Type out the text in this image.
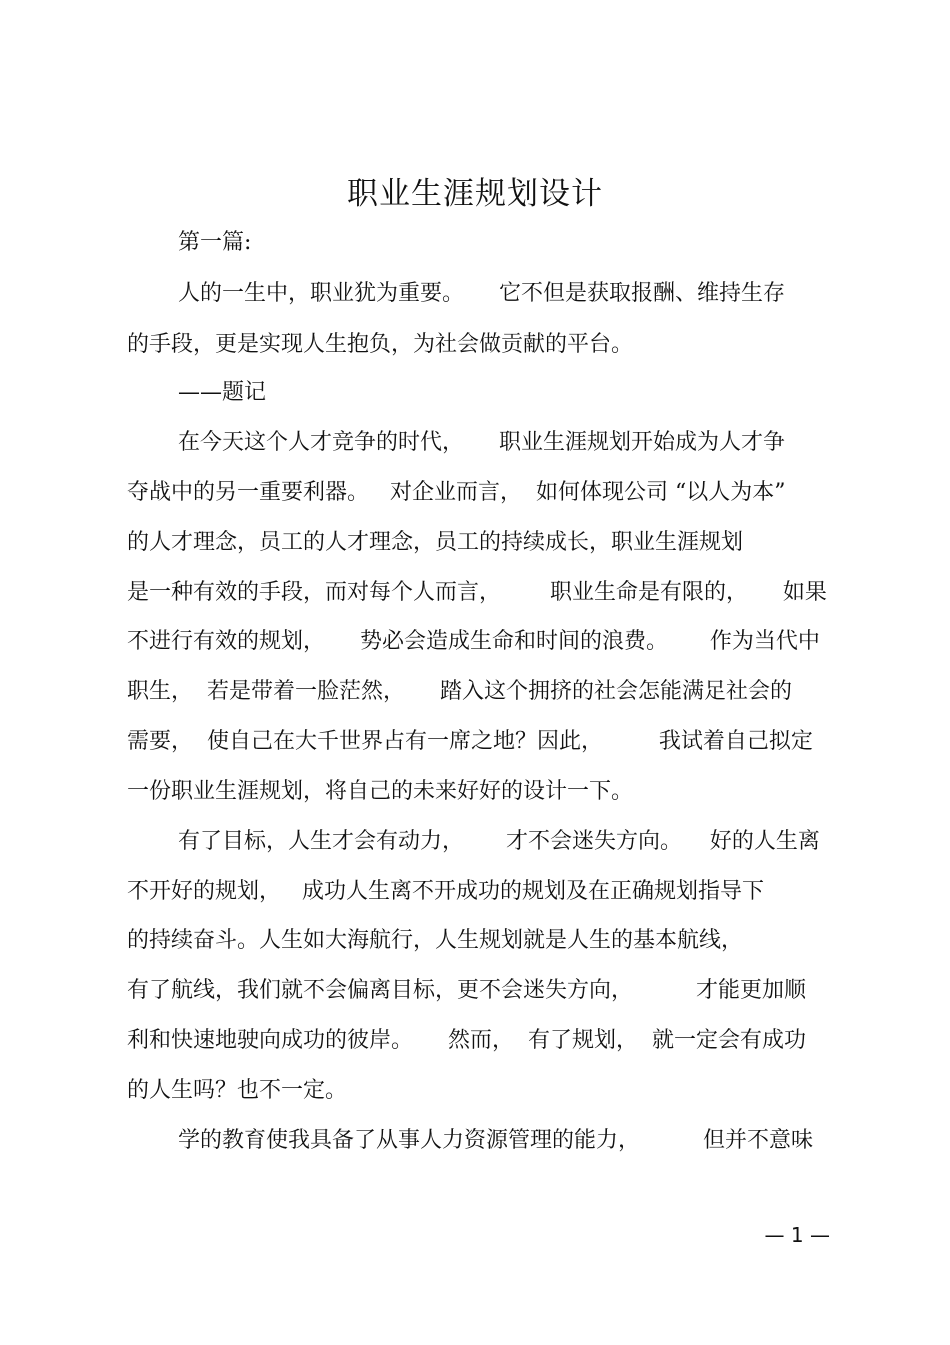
职业生涯规划设计
第一篇:
人的一生中，职业犹为重要。     它不但是获取报酬、维持生存
的手段，更是实现人生抱负，为社会做贡献的平台。
——题记
在今天这个人才竞争的时代，     职业生涯规划开始成为人才争
夺战中的另一重要利器。   对企业而言，  如何体现公司 “以人为本”
的人才理念，员工的人才理念，员工的持续成长，职业生涯规划
是一种有效的手段，而对每个人而言，       职业生命是有限的，     如果
不进行有效的规划，     势必会造成生命和时间的浪费。      作为当代中
职生，  若是带着一脸茫然，     踏入这个拥挤的社会怎能满足社会的
需要，  使自己在大千世界占有一席之地？因此，        我试着自己拟定
一份职业生涯规划，将自己的未来好好的设计一下。
有了目标，人生才会有动力，      才不会迷失方向。    好的人生离
不开好的规划，   成功人生离不开成功的规划及在正确规划指导下
的持续奋斗。人生如大海航行，人生规划就是人生的基本航线，
有了航线，我们就不会偏离目标，更不会迷失方向，         才能更加顺
利和快速地驶向成功的彼岸。     然而，  有了规划，  就一定会有成功
的人生吗？也不一定。
学的教育使我具备了从事人力资源管理的能力，         但并不意味
— 1 —
